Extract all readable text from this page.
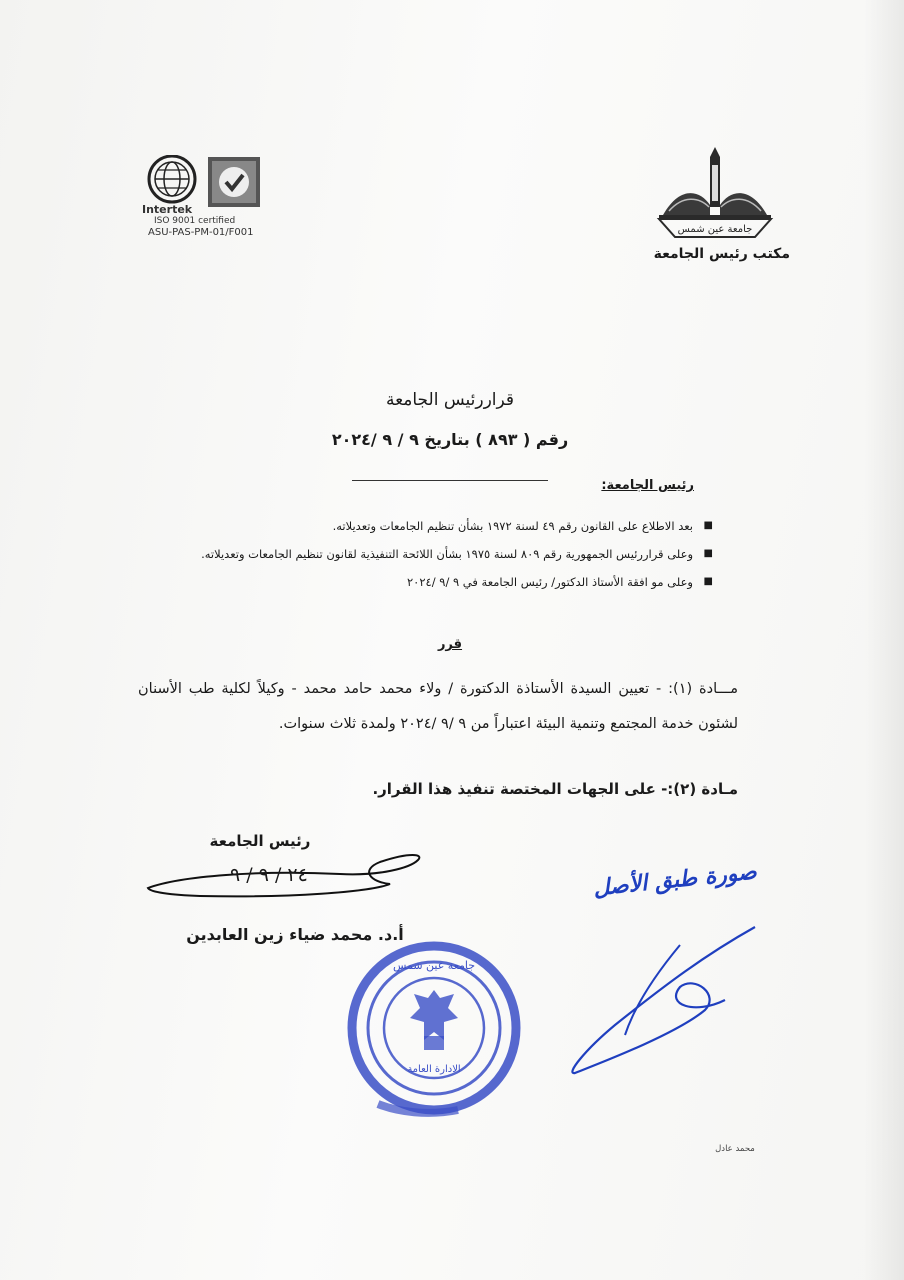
Intertek
ISO 9001 certified
ASU-PAS-PM-01/F001	جامعة عين شمس
مكتب رئيس الجامعة
قراررئيس الجامعة
رقم ( ٨٩٣ ) بتاريخ ٩ / ٩ /٢٠٢٤
رئيس الجامعة:
■
بعد الاطلاع على القانون رقم ٤٩ لسنة ١٩٧٢ بشأن تنظيم الجامعات وتعديلاته.
■
وعلى قراررئيس الجمهورية رقم ٨٠٩ لسنة ١٩٧٥ بشأن اللائحة التنفيذية لقانون تنظيم الجامعات وتعديلاته.
■
وعلى مو افقة الأستاذ الدكتور/ رئيس الجامعة في ٩ /٩ /٢٠٢٤
قرر
مـــادة (١): - تعيين السيدة الأستاذة الدكتورة / ولاء محمد حامد محمد - وكيلاً لكلية طب الأسنان لشئون خدمة المجتمع وتنمية البيئة اعتباراً من ٩ /٩ /٢٠٢٤ ولمدة ثلاث سنوات.
مـادة (٢):- على الجهات المختصة تنفيذ هذا القرار.
رئيس الجامعة
٢٤ / ٩ / ٩
أ.د. محمد ضياء زين العابدين
صورة طبق الأصل
جامعة عين شمس
الادارة العامة
محمد عادل
